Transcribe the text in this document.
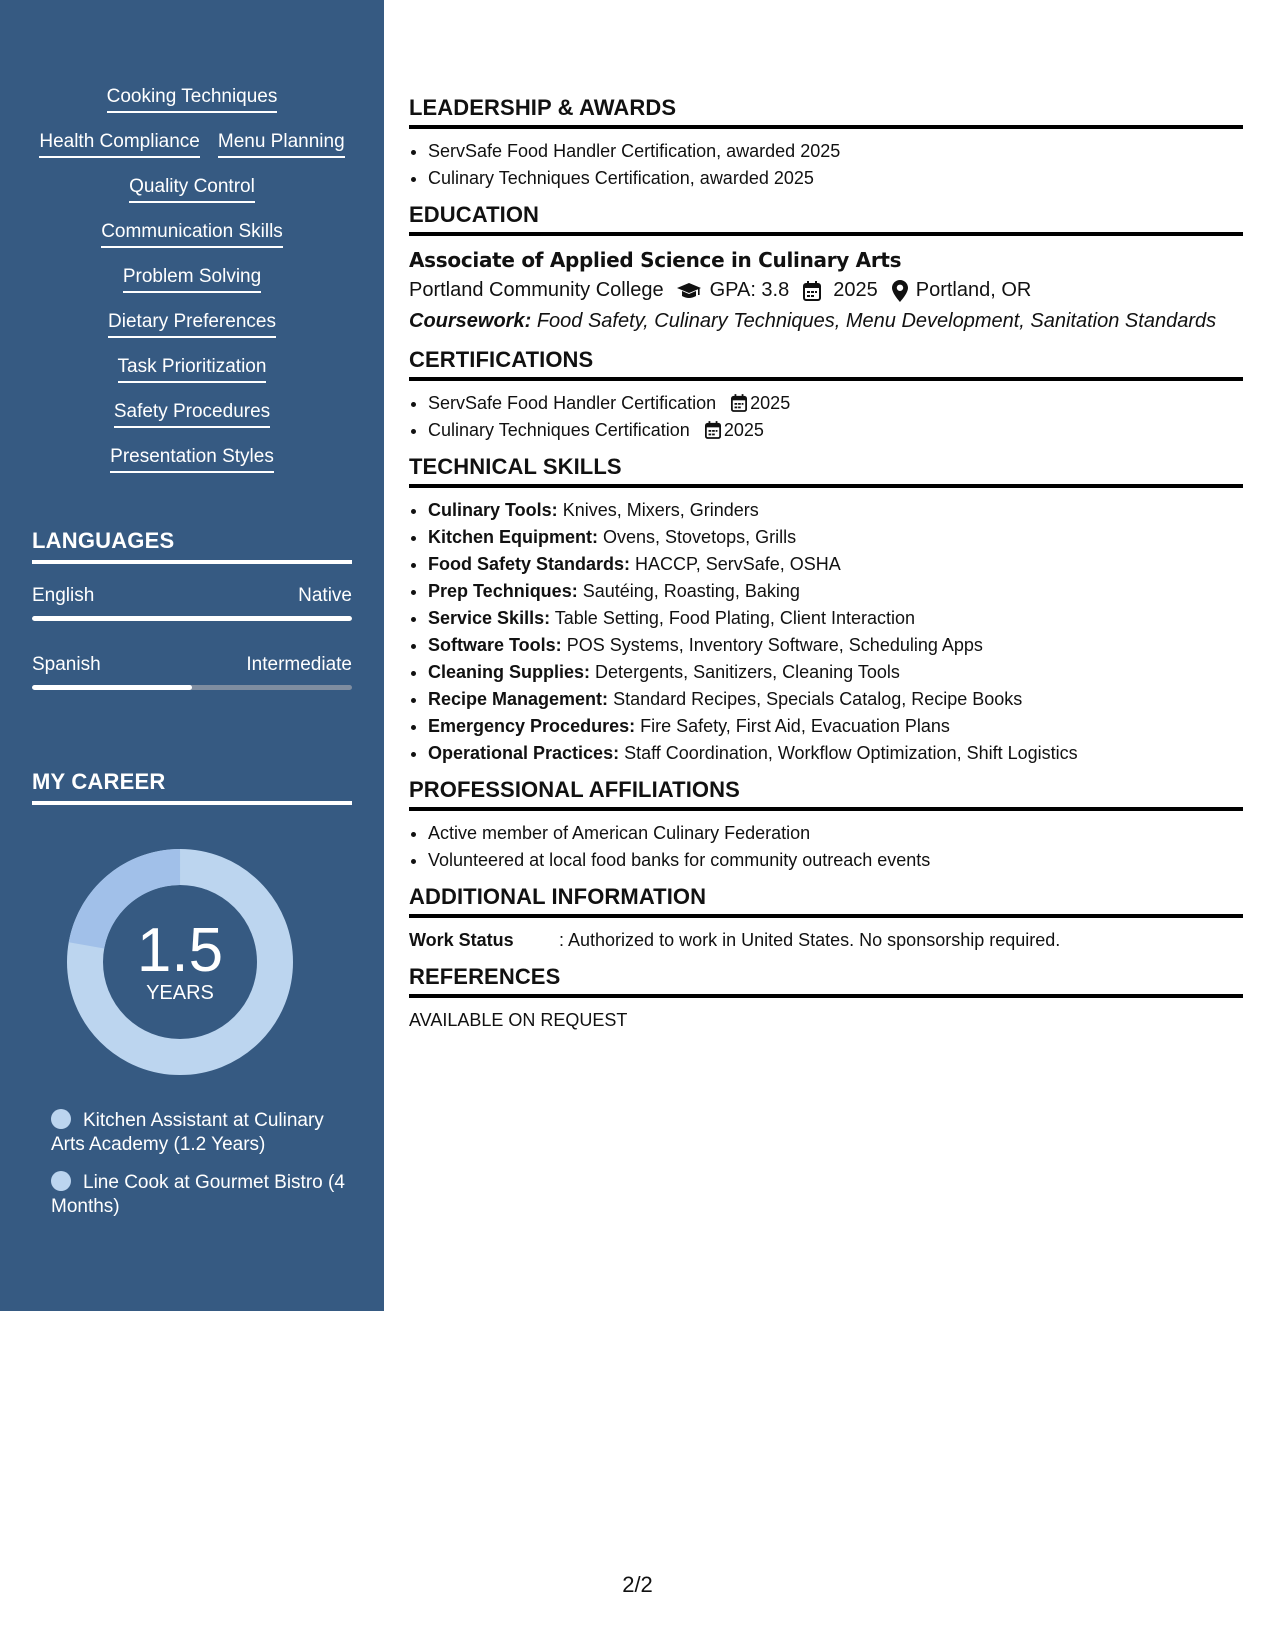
Cooking Techniques
Health Compliance Menu Planning
Quality Control
Communication Skills
Problem Solving
Dietary Preferences
Task Prioritization
Safety Procedures
Presentation Styles
LANGUAGES
English	Native
Spanish	Intermediate
MY CAREER
1.5
YEARS
Kitchen Assistant at Culinary Arts Academy (1.2 Years)
Line Cook at Gourmet Bistro (4 Months)
LEADERSHIP & AWARDS
• ServSafe Food Handler Certification, awarded 2025
• Culinary Techniques Certification, awarded 2025
EDUCATION
Associate of Applied Science in Culinary Arts
Portland Community College GPA: 3.8 2025 Portland, OR
Coursework: Food Safety, Culinary Techniques, Menu Development, Sanitation Standards
CERTIFICATIONS
• ServSafe Food Handler Certification 2025
• Culinary Techniques Certification 2025
TECHNICAL SKILLS
• Culinary Tools: Knives, Mixers, Grinders
• Kitchen Equipment: Ovens, Stovetops, Grills
• Food Safety Standards: HACCP, ServSafe, OSHA
• Prep Techniques: Sautéing, Roasting, Baking
• Service Skills: Table Setting, Food Plating, Client Interaction
• Software Tools: POS Systems, Inventory Software, Scheduling Apps
• Cleaning Supplies: Detergents, Sanitizers, Cleaning Tools
• Recipe Management: Standard Recipes, Specials Catalog, Recipe Books
• Emergency Procedures: Fire Safety, First Aid, Evacuation Plans
• Operational Practices: Staff Coordination, Workflow Optimization, Shift Logistics
PROFESSIONAL AFFILIATIONS
• Active member of American Culinary Federation
• Volunteered at local food banks for community outreach events
ADDITIONAL INFORMATION
Work Status	: Authorized to work in United States. No sponsorship required.
REFERENCES
AVAILABLE ON REQUEST
2/2
